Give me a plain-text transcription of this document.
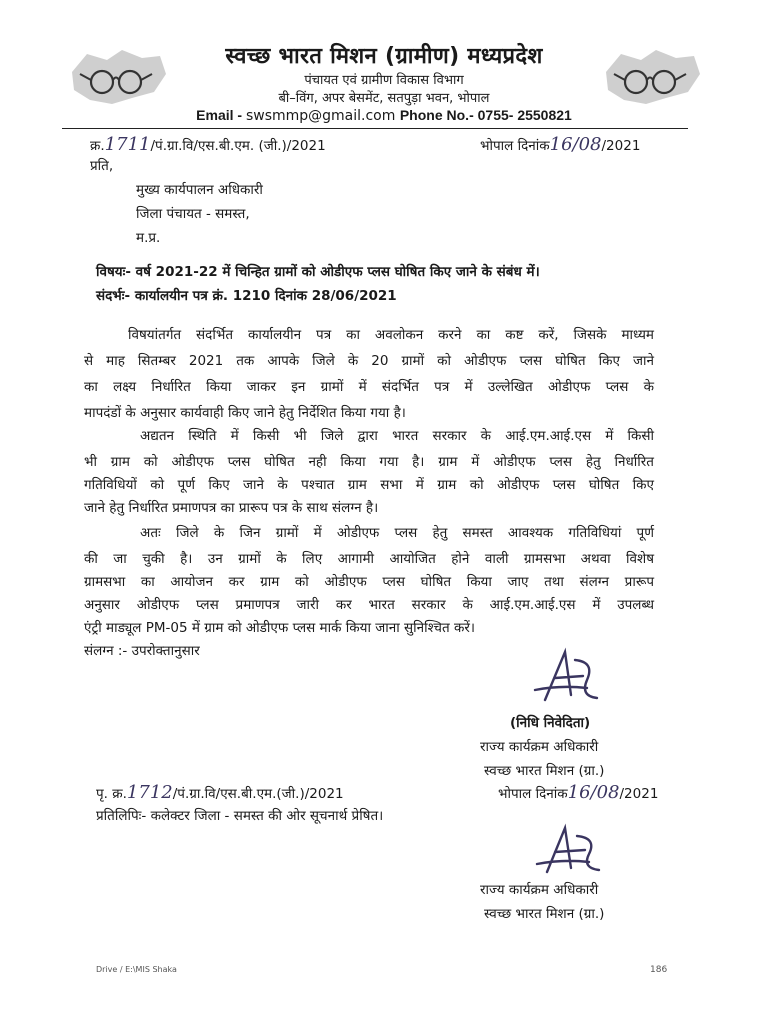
स्वच्छ भारत मिशन (ग्रामीण) मध्यप्रदेश
पंचायत एवं ग्रामीण विकास विभाग
बी–विंग, अपर बेसमेंट, सतपुड़ा भवन, भोपाल
Email - swsmmp@gmail.com Phone No.- 0755- 2550821
क्र.1711/पं.ग्रा.वि/एस.बी.एम. (जी.)/2021	भोपाल दिनांक16/08/2021
प्रति,
मुख्य कार्यपालन अधिकारी
जिला पंचायत - समस्त,
म.प्र.
विषयः- वर्ष 2021-22 में चिन्हित ग्रामों को ओडीएफ प्लस घोषित किए जाने के संबंध में।
संदर्भः- कार्यालयीन पत्र क्रं. 1210 दिनांक 28/06/2021
विषयांतर्गत संदर्भित कार्यालयीन पत्र का अवलोकन करने का कष्ट करें, जिसके माध्यम
से माह सितम्बर 2021 तक आपके जिले के 20 ग्रामों को ओडीएफ प्लस घोषित किए जाने
का लक्ष्य निर्धारित किया जाकर इन ग्रामों में संदर्भित पत्र में उल्लेखित ओडीएफ प्लस के
मापदंडों के अनुसार कार्यवाही किए जाने हेतु निर्देशित किया गया है।
अद्यतन स्थिति में किसी भी जिले द्वारा भारत सरकार के आई.एम.आई.एस में किसी
भी ग्राम को ओडीएफ प्लस घोषित नही किया गया है। ग्राम में ओडीएफ प्लस हेतु निर्धारित
गतिविधियों को पूर्ण किए जाने के पश्चात ग्राम सभा में ग्राम को ओडीएफ प्लस घोषित किए
जाने हेतु निर्धारित प्रमाणपत्र का प्रारूप पत्र के साथ संलग्न है।
अतः जिले के जिन ग्रामों में ओडीएफ प्लस हेतु समस्त आवश्यक गतिविधियां पूर्ण
की जा चुकी है। उन ग्रामों के लिए आगामी आयोजित होने वाली ग्रामसभा अथवा विशेष
ग्रामसभा का आयोजन कर ग्राम को ओडीएफ प्लस घोषित किया जाए तथा संलग्न प्रारूप
अनुसार ओडीएफ प्लस प्रमाणपत्र जारी कर भारत सरकार के आई.एम.आई.एस में उपलब्ध
एंट्री माड्यूल PM-05 में ग्राम को ओडीएफ प्लस मार्क किया जाना सुनिश्चित करें।
संलग्न :- उपरोक्तानुसार
(निधि निवेदिता)
राज्य कार्यक्रम अधिकारी
स्वच्छ भारत मिशन (ग्रा.)
पृ. क्र.1712/पं.ग्रा.वि/एस.बी.एम.(जी.)/2021	भोपाल दिनांक16/08/2021
प्रतिलिपिः- कलेक्टर जिला - समस्त की ओर सूचनार्थ प्रेषित।
राज्य कार्यक्रम अधिकारी
स्वच्छ भारत मिशन (ग्रा.)
Drive / E:\MIS Shaka	186
